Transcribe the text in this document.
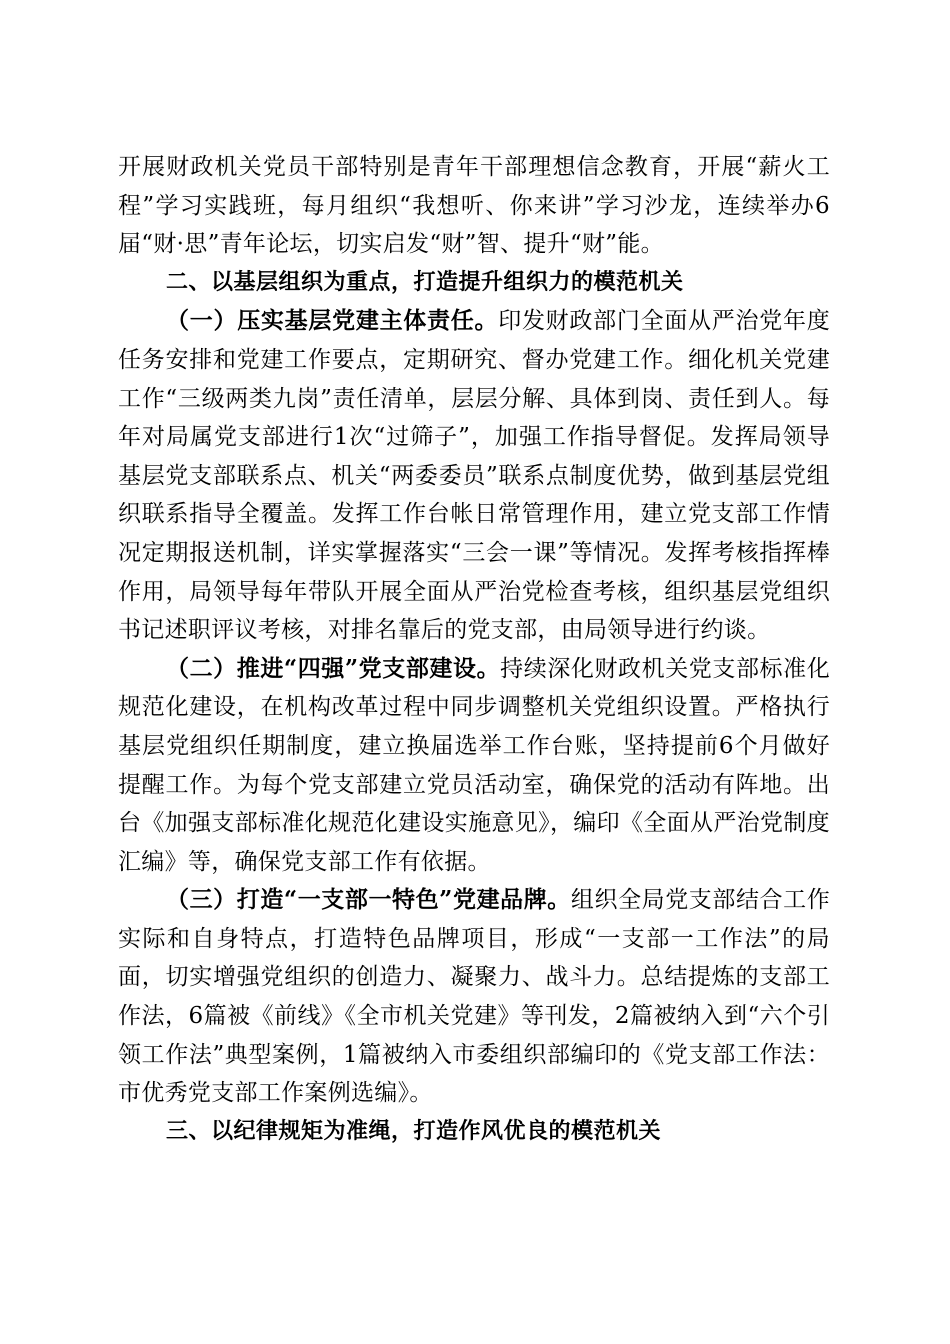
开展财政机关党员干部特别是青年干部理想信念教育，开展“薪火工程”学习实践班，每月组织“我想听、你来讲”学习沙龙，连续举办6届“财·思”青年论坛，切实启发“财”智、提升“财”能。

二、以基层组织为重点，打造提升组织力的模范机关

（一）压实基层党建主体责任。印发财政部门全面从严治党年度任务安排和党建工作要点，定期研究、督办党建工作。细化机关党建工作“三级两类九岗”责任清单，层层分解、具体到岗、责任到人。每年对局属党支部进行1次“过筛子”，加强工作指导督促。发挥局领导基层党支部联系点、机关“两委委员”联系点制度优势，做到基层党组织联系指导全覆盖。发挥工作台帐日常管理作用，建立党支部工作情况定期报送机制，详实掌握落实“三会一课”等情况。发挥考核指挥棒作用，局领导每年带队开展全面从严治党检查考核，组织基层党组织书记述职评议考核，对排名靠后的党支部，由局领导进行约谈。

（二）推进“四强”党支部建设。持续深化财政机关党支部标准化规范化建设，在机构改革过程中同步调整机关党组织设置。严格执行基层党组织任期制度，建立换届选举工作台账，坚持提前6个月做好提醒工作。为每个党支部建立党员活动室，确保党的活动有阵地。出台《加强支部标准化规范化建设实施意见》，编印《全面从严治党制度汇编》等，确保党支部工作有依据。

（三）打造“一支部一特色”党建品牌。组织全局党支部结合工作实际和自身特点，打造特色品牌项目，形成“一支部一工作法”的局面，切实增强党组织的创造力、凝聚力、战斗力。总结提炼的支部工作法，6篇被《前线》《全市机关党建》等刊发，2篇被纳入到“六个引领工作法”典型案例，1篇被纳入市委组织部编印的《党支部工作法：市优秀党支部工作案例选编》。

三、以纪律规矩为准绳，打造作风优良的模范机关
